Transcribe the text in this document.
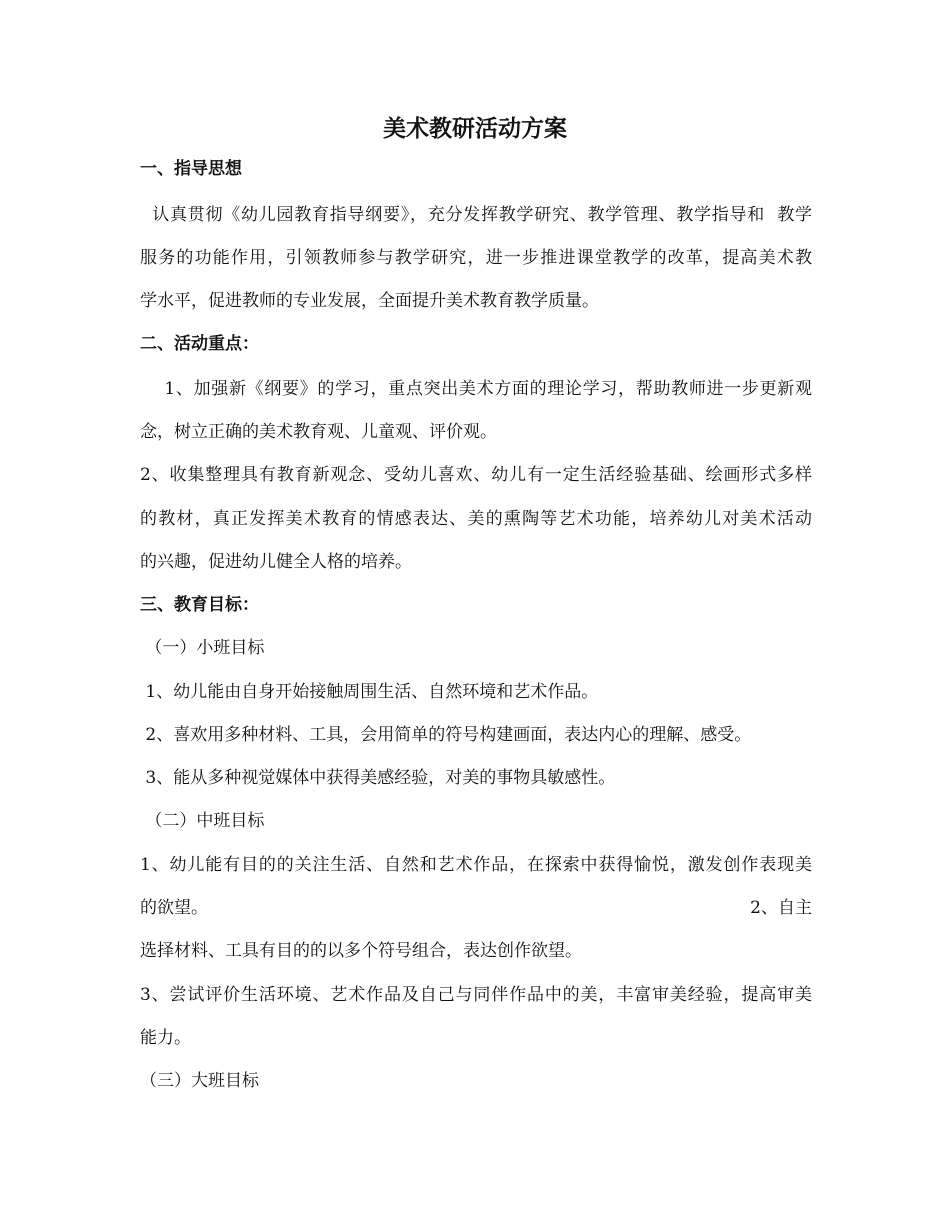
美术教研活动方案
一、指导思想
认真贯彻《幼儿园教育指导纲要》，充分发挥教学研究、教学管理、教学指导和  教学
服务的功能作用，引领教师参与教学研究，进一步推进课堂教学的改革，提高美术教
学水平，促进教师的专业发展，全面提升美术教育教学质量。
二、活动重点：
1、加强新《纲要》的学习，重点突出美术方面的理论学习，帮助教师进一步更新观
念，树立正确的美术教育观、儿童观、评价观。
2、收集整理具有教育新观念、受幼儿喜欢、幼儿有一定生活经验基础、绘画形式多样
的教材，真正发挥美术教育的情感表达、美的熏陶等艺术功能，培养幼儿对美术活动
的兴趣，促进幼儿健全人格的培养。
三、教育目标：
（一）小班目标
1、幼儿能由自身开始接触周围生活、自然环境和艺术作品。
2、喜欢用多种材料、工具，会用简单的符号构建画面，表达内心的理解、感受。
3、能从多种视觉媒体中获得美感经验，对美的事物具敏感性。
（二）中班目标
1、幼儿能有目的的关注生活、自然和艺术作品，在探索中获得愉悦，激发创作表现美
的欲望。	2、自主
选择材料、工具有目的的以多个符号组合，表达创作欲望。
3、尝试评价生活环境、艺术作品及自己与同伴作品中的美，丰富审美经验，提高审美
能力。
（三）大班目标
